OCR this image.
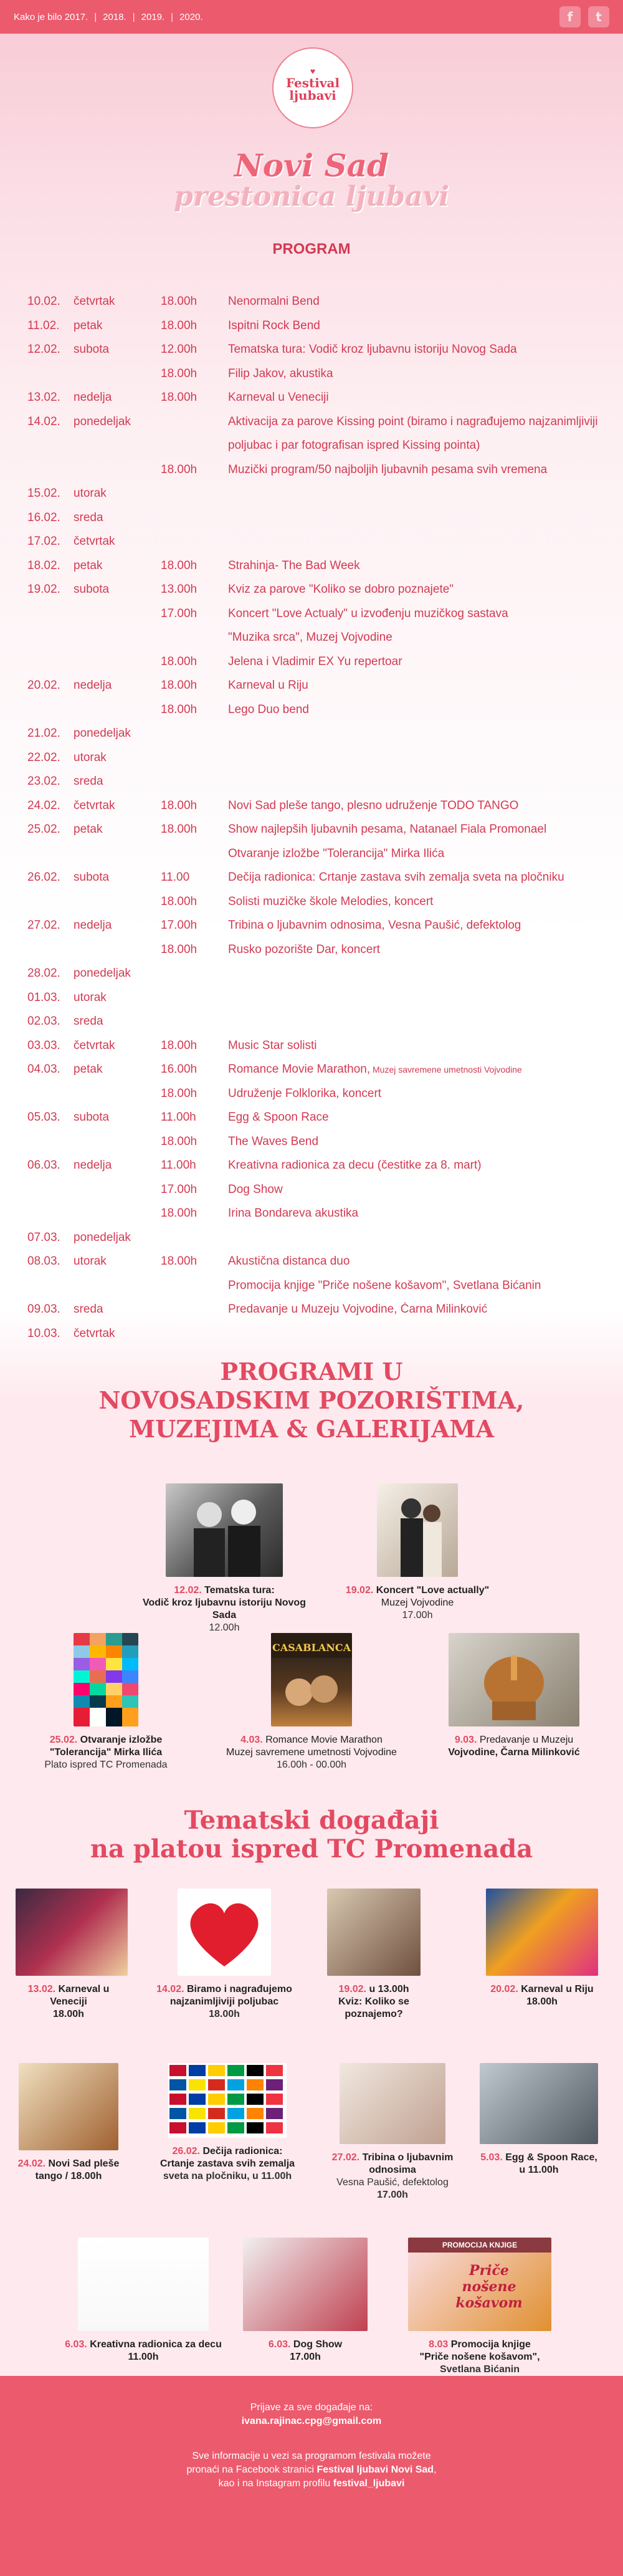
Kako je bilo 2017. | 2018. | 2019. | 2020.	f	t
♥
Festival
ljubavi
· · · · · · · · · · · · · · · · ·
Novi Sad
prestonica ljubavi
PROGRAM
10.02.	četvrtak	18.00h	Nenormalni Bend
11.02.	petak	18.00h	Ispitni Rock Bend
12.02.	subota	12.00h	Tematska tura: Vodič kroz ljubavnu istoriju Novog Sada
18.00h	Filip Jakov, akustika
13.02.	nedelja	18.00h	Karneval u Veneciji
14.02.	ponedeljak	Aktivacija za parove Kissing point (biramo i nagrađujemo najzanimljiviji
poljubac i par fotografisan ispred Kissing pointa)
18.00h	Muzički program/50 najboljih ljubavnih pesama svih vremena
15.02.	utorak
16.02.	sreda
17.02.	četvrtak
18.02.	petak	18.00h	Strahinja- The Bad Week
19.02.	subota	13.00h	Kviz za parove "Koliko se dobro poznajete"
17.00h	Koncert "Love Actualy" u izvođenju muzičkog sastava
"Muzika srca", Muzej Vojvodine
18.00h	Jelena i Vladimir EX Yu repertoar
20.02.	nedelja	18.00h	Karneval u Riju
18.00h	Lego Duo bend
21.02.	ponedeljak
22.02.	utorak
23.02.	sreda
24.02.	četvrtak	18.00h	Novi Sad pleše tango, plesno udruženje TODO TANGO
25.02.	petak	18.00h	Show najlepših ljubavnih pesama, Natanael Fiala Promonael
Otvaranje izložbe "Tolerancija" Mirka Ilića
26.02.	subota	11.00	Dečija radionica: Crtanje zastava svih zemalja sveta na pločniku
18.00h	Solisti muzičke škole Melodies, koncert
27.02.	nedelja	17.00h	Tribina o ljubavnim odnosima, Vesna Paušić, defektolog
18.00h	Rusko pozorište Dar, koncert
28.02.	ponedeljak
01.03.	utorak
02.03.	sreda
03.03.	četvrtak	18.00h	Music Star solisti
04.03.	petak	16.00h	Romance Movie Marathon, Muzej savremene umetnosti Vojvodine
18.00h	Udruženje Folklorika, koncert
05.03.	subota	11.00h	Egg & Spoon Race
18.00h	The Waves Bend
06.03.	nedelja	11.00h	Kreativna radionica za decu (čestitke za 8. mart)
17.00h	Dog Show
18.00h	Irina Bondareva akustika
07.03.	ponedeljak
08.03.	utorak	18.00h	Akustična distanca duo
Promocija knjige "Priče nošene košavom", Svetlana Bićanin
09.03.	sreda	Predavanje u Muzeju Vojvodine, Čarna Milinković
10.03.	četvrtak
PROGRAMI U
NOVOSADSKIM POZORIŠTIMA,
MUZEJIMA & GALERIJAMA
12.02. Tematska tura:
Vodič kroz ljubavnu istoriju Novog Sada
12.00h
19.02. Koncert "Love actually"
Muzej Vojvodine
17.00h
25.02. Otvaranje izložbe
"Tolerancija" Mirka Ilića
Plato ispred TC Promenada
CASABLANCA
4.03. Romance Movie Marathon
Muzej savremene umetnosti Vojvodine
16.00h - 00.00h
9.03. Predavanje u Muzeju
Vojvodine, Čarna Milinković
Tematski događaji
na platou ispred TC Promenada
13.02. Karneval u Veneciji
18.00h
14.02. Biramo i nagrađujemo
najzanimljiviji poljubac
18.00h
19.02. u 13.00h
Kviz: Koliko se poznajemo?
20.02. Karneval u Riju
18.00h
24.02. Novi Sad pleše
tango / 18.00h
26.02. Dečija radionica:
Crtanje zastava svih zemalja
sveta na pločniku, u 11.00h
27.02. Tribina o ljubavnim
odnosima
Vesna Paušić, defektolog
17.00h
5.03. Egg & Spoon Race,
u 11.00h
6.03. Kreativna radionica za decu
11.00h
6.03. Dog Show
17.00h
PROMOCIJA KNJIGE
Priče nošene košavom
8.03 Promocija knjige
"Priče nošene košavom",
Svetlana Bićanin
Prijave za sve događaje na:
ivana.rajinac.cpg@gmail.com
Sve informacije u vezi sa programom festivala možete
pronaći na Facebook stranici Festival ljubavi Novi Sad,
kao i na Instagram profilu festival_ljubavi
